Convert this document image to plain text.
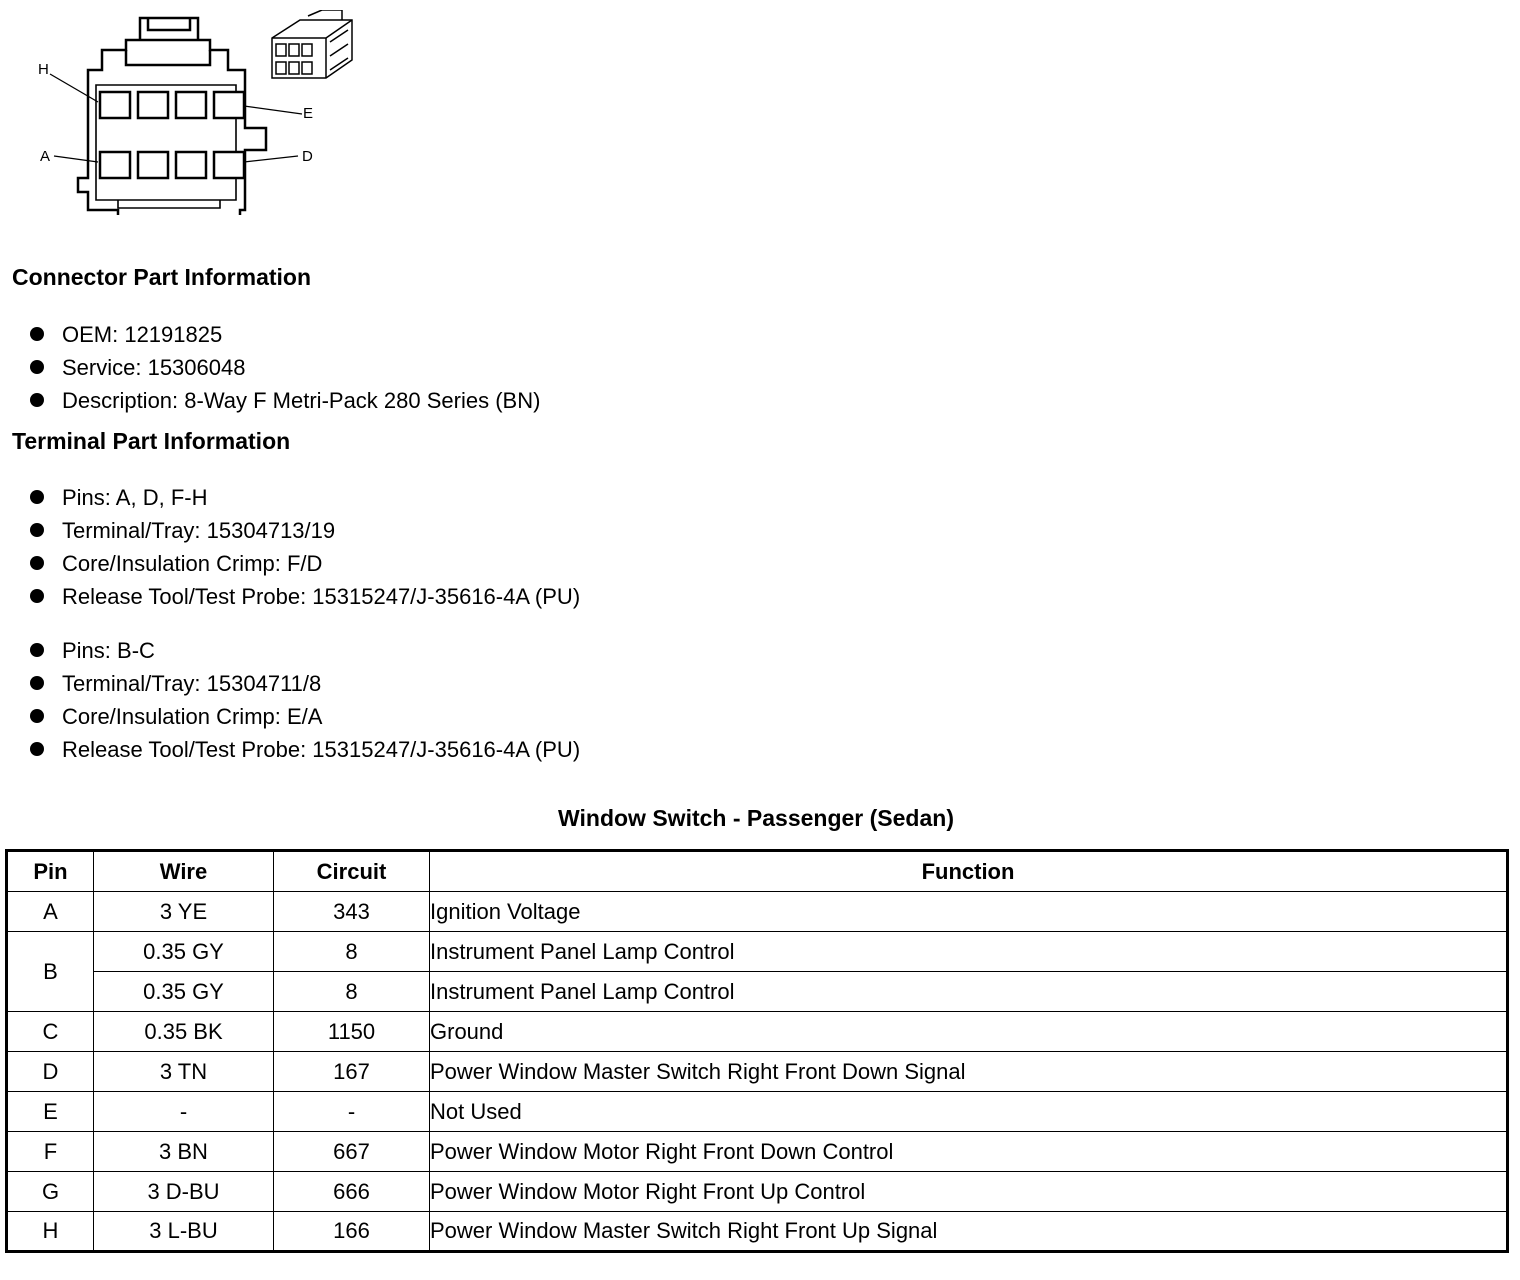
H
E
A	D
Connector Part Information
OEM: 12191825
Service: 15306048
Description: 8-Way F Metri-Pack 280 Series (BN)
Terminal Part Information
Pins: A, D, F-H
Terminal/Tray: 15304713/19
Core/Insulation Crimp: F/D
Release Tool/Test Probe: 15315247/J-35616-4A (PU)
Pins: B-C
Terminal/Tray: 15304711/8
Core/Insulation Crimp: E/A
Release Tool/Test Probe: 15315247/J-35616-4A (PU)
Window Switch - Passenger (Sedan)
Pin	Wire	Circuit	Function
A	3 YE	343	Ignition Voltage
B	0.35 GY	8	Instrument Panel Lamp Control
	0.35 GY	8	Instrument Panel Lamp Control
C	0.35 BK	1150	Ground
D	3 TN	167	Power Window Master Switch Right Front Down Signal
E	-	-	Not Used
F	3 BN	667	Power Window Motor Right Front Down Control
G	3 D-BU	666	Power Window Motor Right Front Up Control
H	3 L-BU	166	Power Window Master Switch Right Front Up Signal
